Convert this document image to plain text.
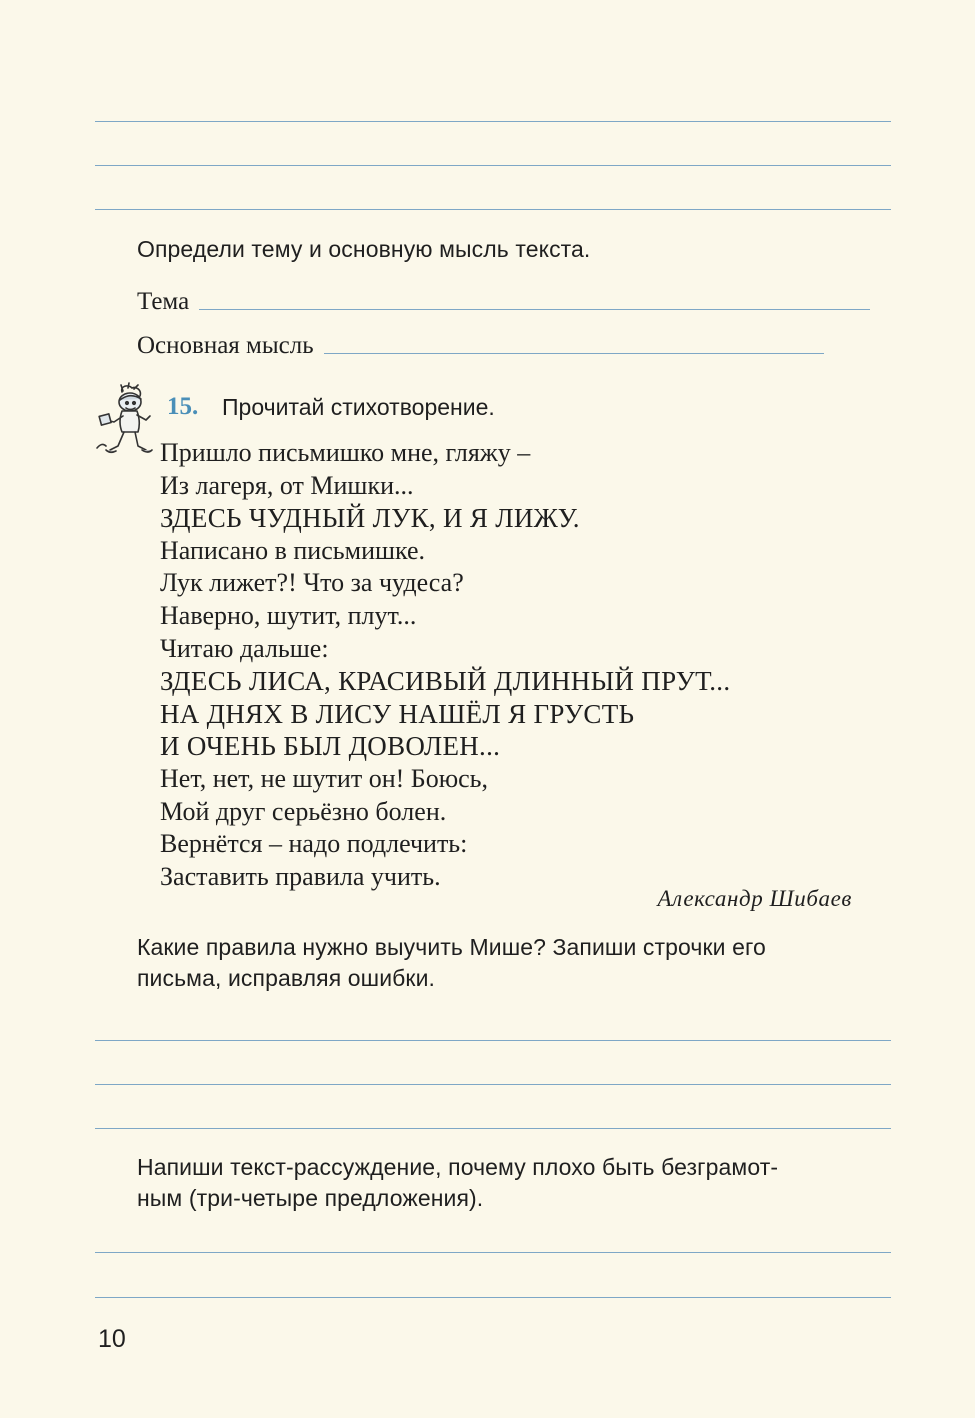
Определи тему и основную мысль текста.
Тема
Основная мысль
15. Прочитай стихотворение.
Пришло письмишко мне, гляжу –
Из лагеря, от Мишки...
ЗДЕСЬ ЧУДНЫЙ ЛУК, И Я ЛИЖУ.
Написано в письмишке.
Лук лижет?! Что за чудеса?
Наверно, шутит, плут...
Читаю дальше:
ЗДЕСЬ ЛИСА, КРАСИВЫЙ ДЛИННЫЙ ПРУТ...
НА ДНЯХ В ЛИСУ НАШЁЛ Я ГРУСТЬ
И ОЧЕНЬ БЫЛ ДОВОЛЕН...
Нет, нет, не шутит он! Боюсь,
Мой друг серьёзно болен.
Вернётся – надо подлечить:
Заставить правила учить.
Александр Шибаев
Какие правила нужно выучить Мише? Запиши строчки его
письма, исправляя ошибки.
Напиши текст-рассуждение, почему плохо быть безграмот-
ным (три-четыре предложения).
10
